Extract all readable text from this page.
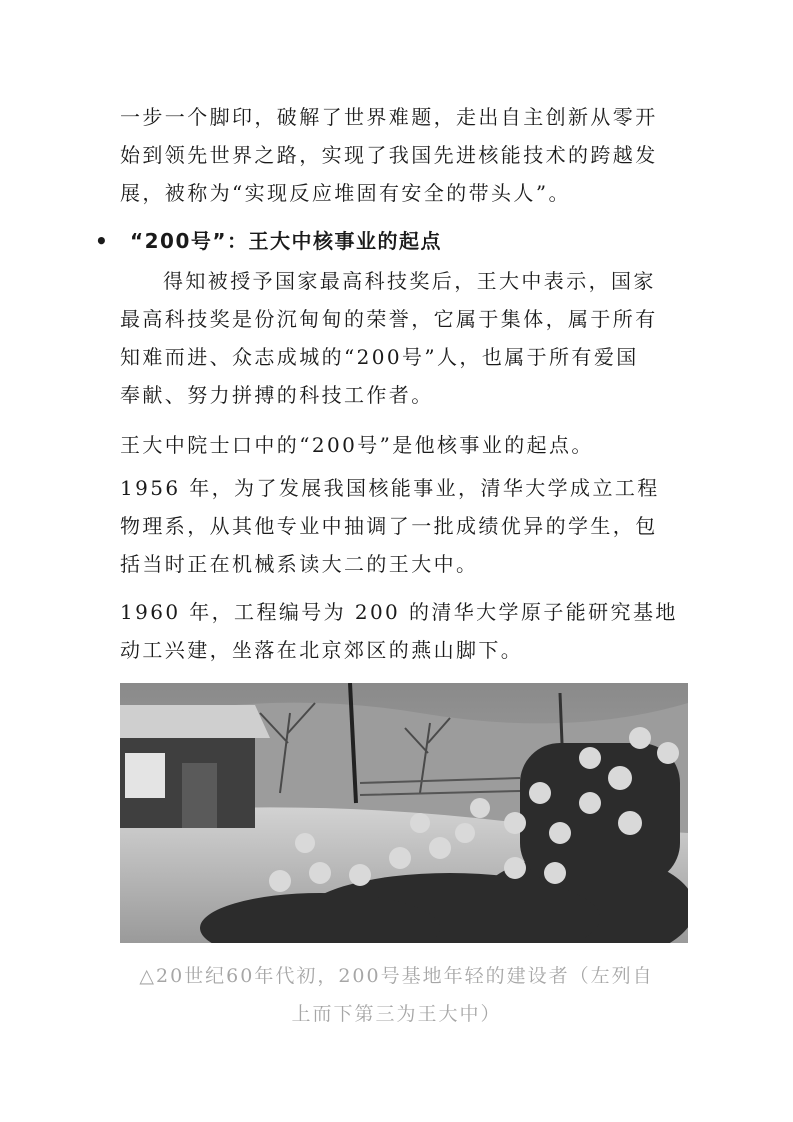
一步一个脚印，破解了世界难题，走出自主创新从零开
始到领先世界之路，实现了我国先进核能技术的跨越发
展，被称为“实现反应堆固有安全的带头人”。
• “200号”：王大中核事业的起点
得知被授予国家最高科技奖后，王大中表示，国家
最高科技奖是份沉甸甸的荣誉，它属于集体，属于所有
知难而进、众志成城的“200号”人，也属于所有爱国
奉献、努力拼搏的科技工作者。
王大中院士口中的“200号”是他核事业的起点。
1956 年，为了发展我国核能事业，清华大学成立工程
物理系，从其他专业中抽调了一批成绩优异的学生，包
括当时正在机械系读大二的王大中。
1960 年，工程编号为 200 的清华大学原子能研究基地
动工兴建，坐落在北京郊区的燕山脚下。
△20世纪60年代初，200号基地年轻的建设者（左列自
上而下第三为王大中）
